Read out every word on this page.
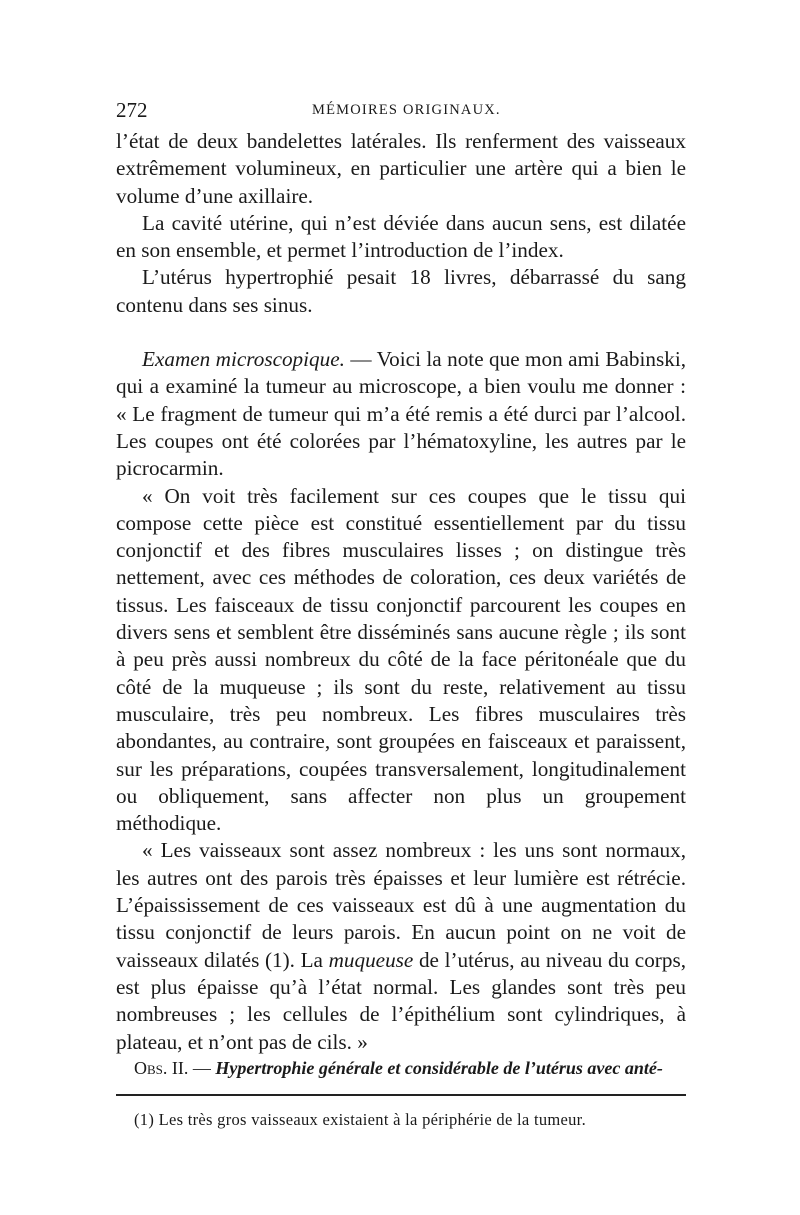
272	MÉMOIRES ORIGINAUX.

l’état de deux bandelettes latérales. Ils renferment des vaisseaux extrêmement volumineux, en particulier une artère qui a bien le volume d’une axillaire.

La cavité utérine, qui n’est déviée dans aucun sens, est dilatée en son ensemble, et permet l’introduction de l’index.

L’utérus hypertrophié pesait 18 livres, débarrassé du sang contenu dans ses sinus.

Examen microscopique. — Voici la note que mon ami Babinski, qui a examiné la tumeur au microscope, a bien voulu me donner : « Le fragment de tumeur qui m’a été remis a été durci par l’alcool. Les coupes ont été colorées par l’hématoxyline, les autres par le picrocarmin.

« On voit très facilement sur ces coupes que le tissu qui compose cette pièce est constitué essentiellement par du tissu conjonctif et des fibres musculaires lisses ; on distingue très nettement, avec ces méthodes de coloration, ces deux variétés de tissus. Les faisceaux de tissu conjonctif parcourent les coupes en divers sens et semblent être disséminés sans aucune règle ; ils sont à peu près aussi nombreux du côté de la face péritonéale que du côté de la muqueuse ; ils sont du reste, relativement au tissu musculaire, très peu nombreux. Les fibres musculaires très abondantes, au contraire, sont groupées en faisceaux et paraissent, sur les préparations, coupées transversalement, longitudinalement ou obliquement, sans affecter non plus un groupement méthodique.

« Les vaisseaux sont assez nombreux : les uns sont normaux, les autres ont des parois très épaisses et leur lumière est rétrécie. L’épaississement de ces vaisseaux est dû à une augmentation du tissu conjonctif de leurs parois. En aucun point on ne voit de vaisseaux dilatés (1). La muqueuse de l’utérus, au niveau du corps, est plus épaisse qu’à l’état normal. Les glandes sont très peu nombreuses ; les cellules de l’épithélium sont cylindriques, à plateau, et n’ont pas de cils. »

Obs. II. — Hypertrophie générale et considérable de l’utérus avec anté-
(1) Les très gros vaisseaux existaient à la périphérie de la tumeur.
